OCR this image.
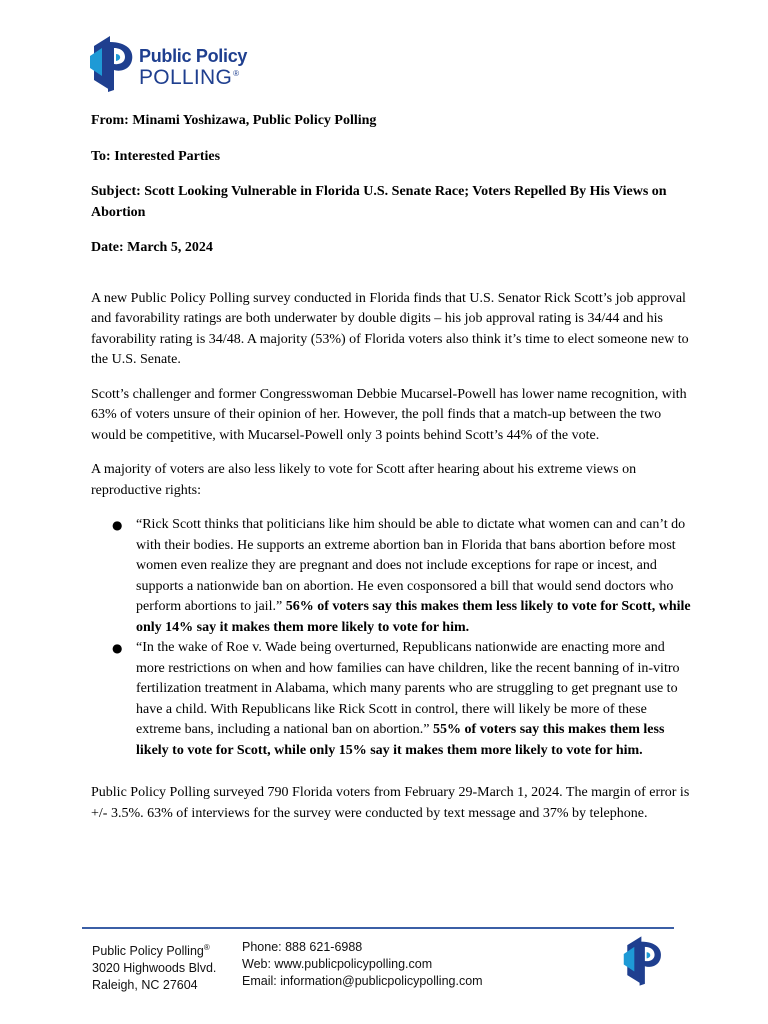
Public Policy
POLLING®
From: Minami Yoshizawa, Public Policy Polling
To: Interested Parties
Subject: Scott Looking Vulnerable in Florida U.S. Senate Race; Voters Repelled By His Views on Abortion
Date: March 5, 2024

A new Public Policy Polling survey conducted in Florida finds that U.S. Senator Rick Scott’s job approval and favorability ratings are both underwater by double digits – his job approval rating is 34/44 and his favorability rating is 34/48. A majority (53%) of Florida voters also think it’s time to elect someone new to the U.S. Senate.

Scott’s challenger and former Congresswoman Debbie Mucarsel-Powell has lower name recognition, with 63% of voters unsure of their opinion of her. However, the poll finds that a match-up between the two would be competitive, with Mucarsel-Powell only 3 points behind Scott’s 44% of the vote.

A majority of voters are also less likely to vote for Scott after hearing about his extreme views on reproductive rights:

● “Rick Scott thinks that politicians like him should be able to dictate what women can and can’t do with their bodies. He supports an extreme abortion ban in Florida that bans abortion before most women even realize they are pregnant and does not include exceptions for rape or incest, and supports a nationwide ban on abortion. He even cosponsored a bill that would send doctors who perform abortions to jail.” 56% of voters say this makes them less likely to vote for Scott, while only 14% say it makes them more likely to vote for him.
● “In the wake of Roe v. Wade being overturned, Republicans nationwide are enacting more and more restrictions on when and how families can have children, like the recent banning of in-vitro fertilization treatment in Alabama, which many parents who are struggling to get pregnant use to have a child. With Republicans like Rick Scott in control, there will likely be more of these extreme bans, including a national ban on abortion.” 55% of voters say this makes them less likely to vote for Scott, while only 15% say it makes them more likely to vote for him.

Public Policy Polling surveyed 790 Florida voters from February 29-March 1, 2024. The margin of error is +/- 3.5%. 63% of interviews for the survey were conducted by text message and 37% by telephone.

Public Policy Polling®
3020 Highwoods Blvd.
Raleigh, NC 27604
Phone: 888 621-6988
Web: www.publicpolicypolling.com
Email: information@publicpolicypolling.com
